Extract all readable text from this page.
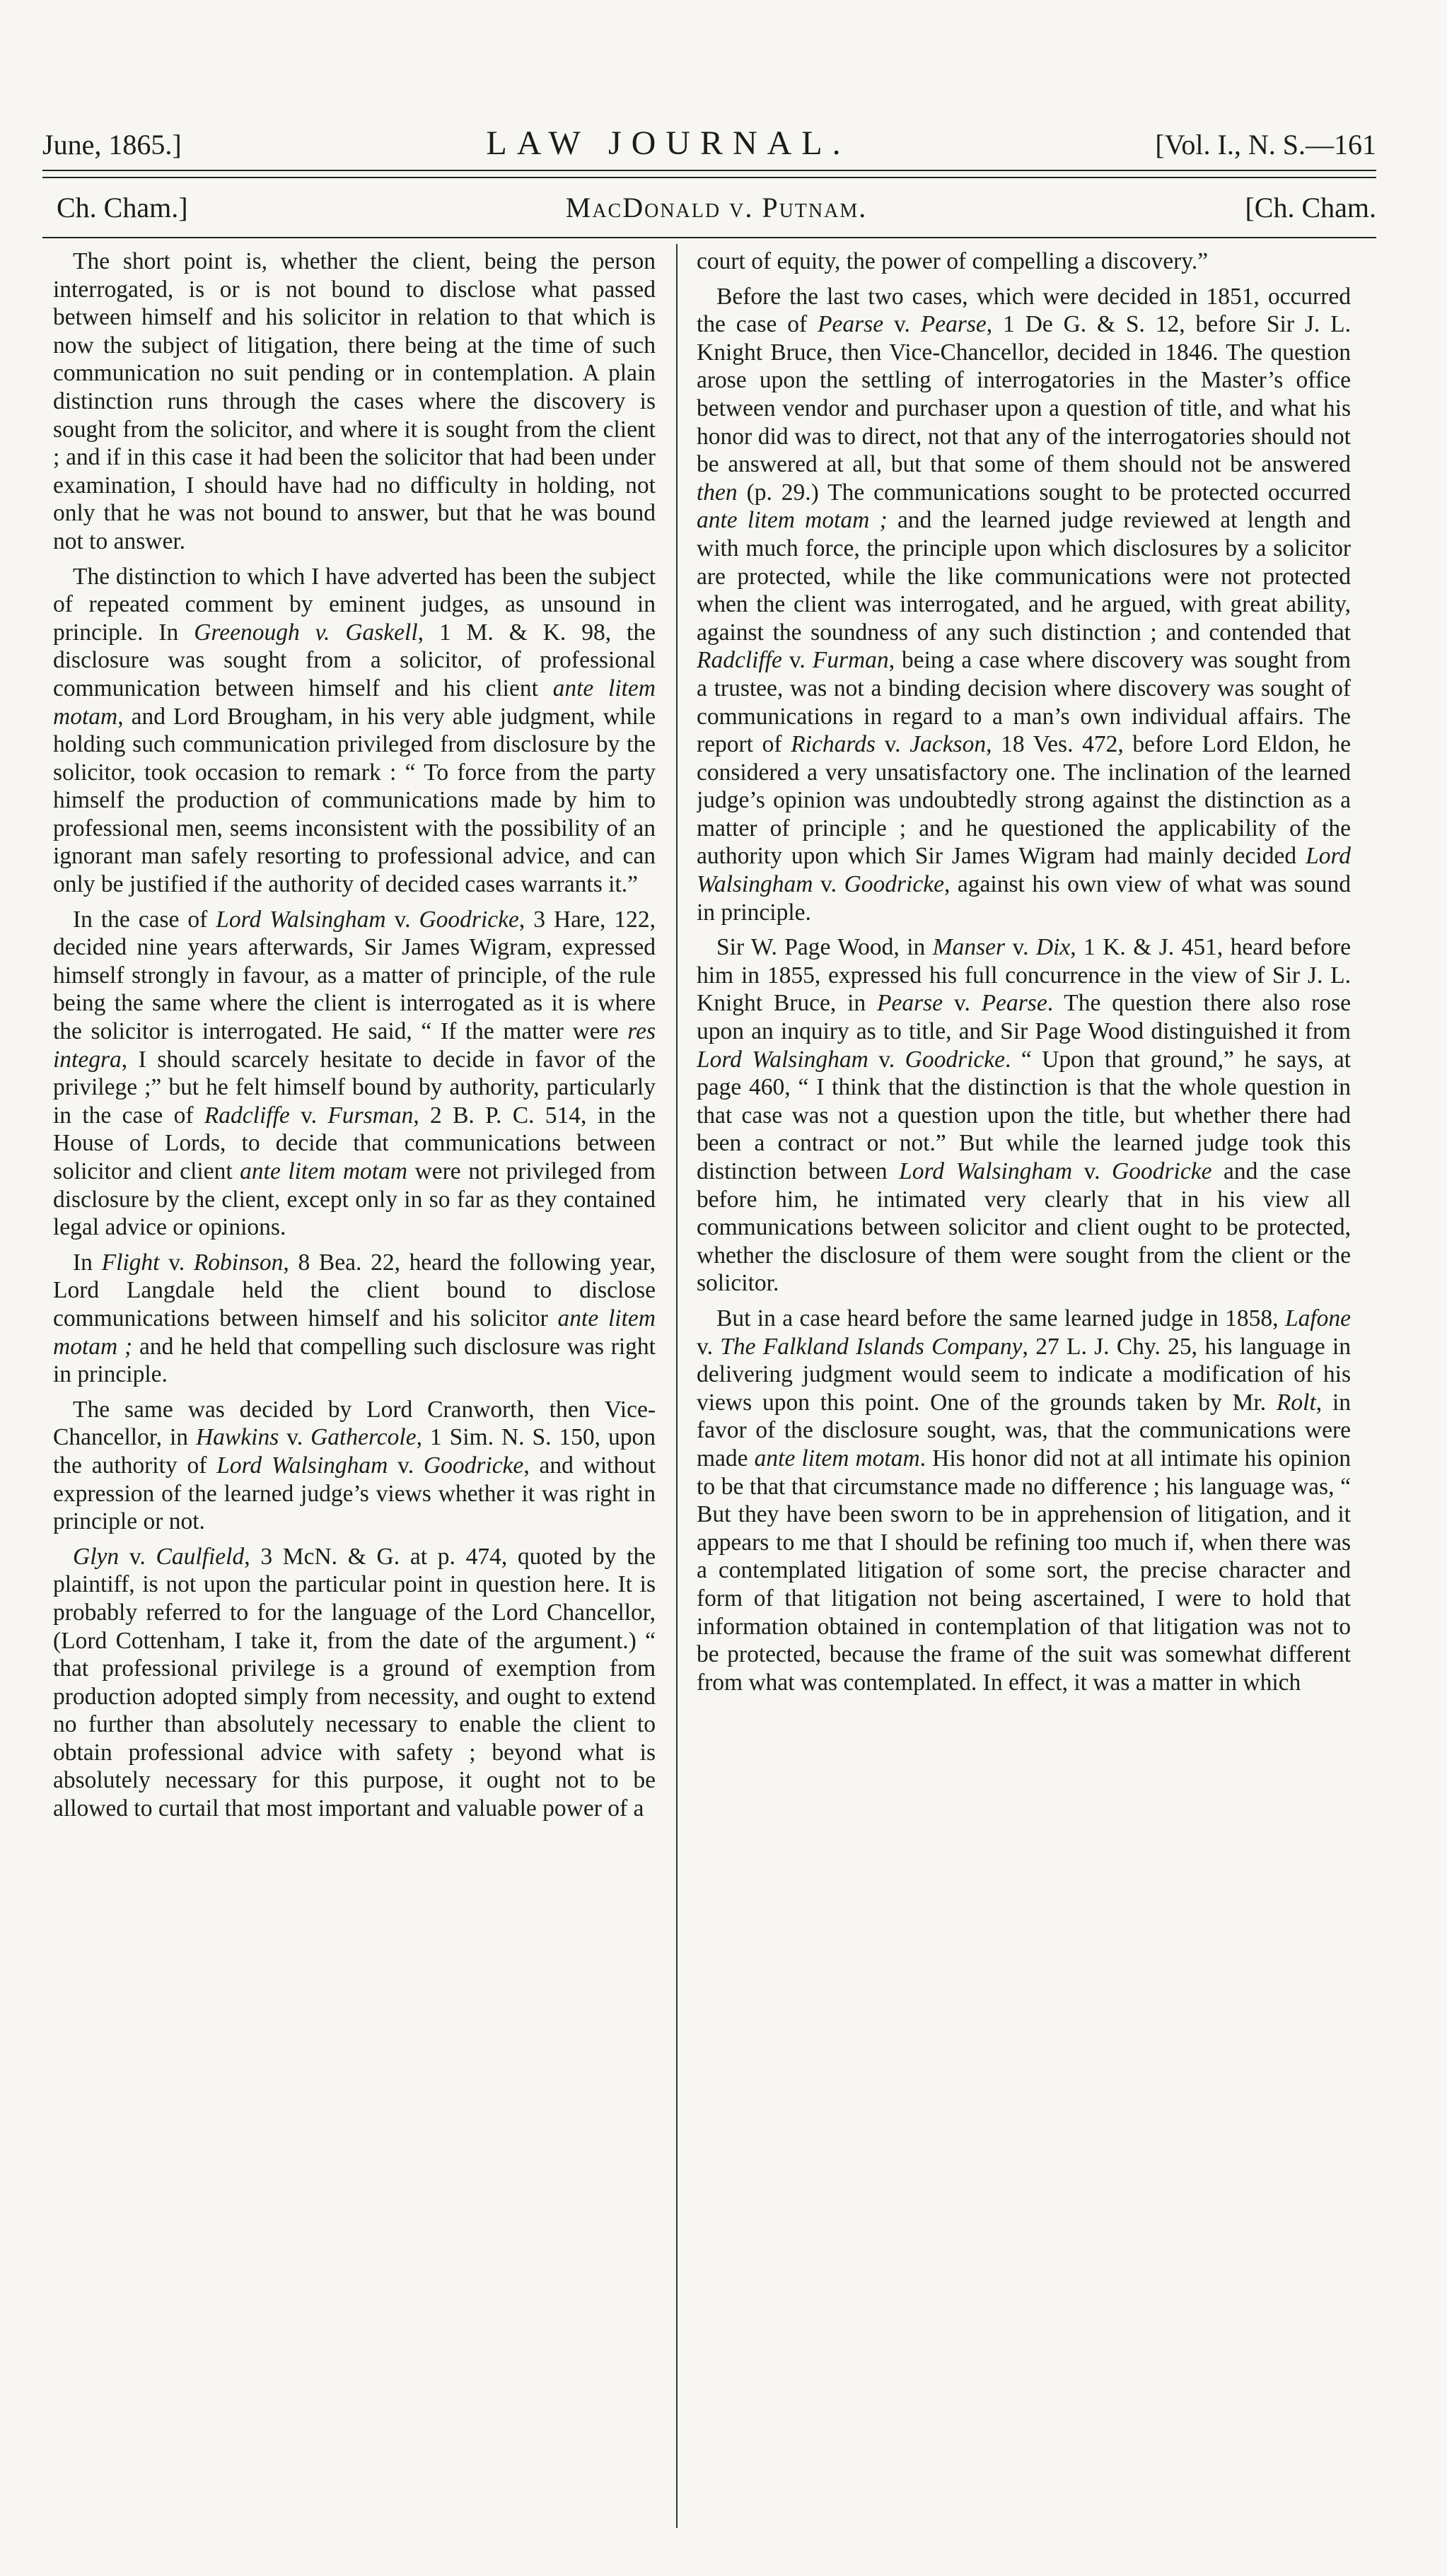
June, 1865.]	LAW JOURNAL.	[Vol. I., N. S.—161
Ch. Cham.]	MacDonald v. Putnam.	[Ch. Cham.

The short point is, whether the client, being the person interrogated, is or is not bound to disclose what passed between himself and his solicitor in relation to that which is now the subject of litigation, there being at the time of such communication no suit pending or in contemplation. A plain distinction runs through the cases where the discovery is sought from the solicitor, and where it is sought from the client ; and if in this case it had been the solicitor that had been under examination, I should have had no difficulty in holding, not only that he was not bound to answer, but that he was bound not to answer.

The distinction to which I have adverted has been the subject of repeated comment by eminent judges, as unsound in principle. In Greenough v. Gaskell, 1 M. & K. 98, the disclosure was sought from a solicitor, of professional communication between himself and his client ante litem motam, and Lord Brougham, in his very able judgment, while holding such communication privileged from disclosure by the solicitor, took occasion to remark : “ To force from the party himself the production of communications made by him to professional men, seems inconsistent with the possibility of an ignorant man safely resorting to professional advice, and can only be justified if the authority of decided cases warrants it.”

In the case of Lord Walsingham v. Goodricke, 3 Hare, 122, decided nine years afterwards, Sir James Wigram, expressed himself strongly in favour, as a matter of principle, of the rule being the same where the client is interrogated as it is where the solicitor is interrogated. He said, “ If the matter were res integra, I should scarcely hesitate to decide in favor of the privilege ;” but he felt himself bound by authority, particularly in the case of Radcliffe v. Fursman, 2 B. P. C. 514, in the House of Lords, to decide that communications between solicitor and client ante litem motam were not privileged from disclosure by the client, except only in so far as they contained legal advice or opinions.

In Flight v. Robinson, 8 Bea. 22, heard the following year, Lord Langdale held the client bound to disclose communications between himself and his solicitor ante litem motam ; and he held that compelling such disclosure was right in principle.

The same was decided by Lord Cranworth, then Vice-Chancellor, in Hawkins v. Gathercole, 1 Sim. N. S. 150, upon the authority of Lord Walsingham v. Goodricke, and without expression of the learned judge’s views whether it was right in principle or not.

Glyn v. Caulfield, 3 McN. & G. at p. 474, quoted by the plaintiff, is not upon the particular point in question here. It is probably referred to for the language of the Lord Chancellor, (Lord Cottenham, I take it, from the date of the argument.) “ that professional privilege is a ground of exemption from production adopted simply from necessity, and ought to extend no further than absolutely necessary to enable the client to obtain professional advice with safety ; beyond what is absolutely necessary for this purpose, it ought not to be allowed to curtail that most important and valuable power of a

court of equity, the power of compelling a discovery.”

Before the last two cases, which were decided in 1851, occurred the case of Pearse v. Pearse, 1 De G. & S. 12, before Sir J. L. Knight Bruce, then Vice-Chancellor, decided in 1846. The question arose upon the settling of interrogatories in the Master’s office between vendor and purchaser upon a question of title, and what his honor did was to direct, not that any of the interrogatories should not be answered at all, but that some of them should not be answered then (p. 29.) The communications sought to be protected occurred ante litem motam ; and the learned judge reviewed at length and with much force, the principle upon which disclosures by a solicitor are protected, while the like communications were not protected when the client was interrogated, and he argued, with great ability, against the soundness of any such distinction ; and contended that Radcliffe v. Furman, being a case where discovery was sought from a trustee, was not a binding decision where discovery was sought of communications in regard to a man’s own individual affairs. The report of Richards v. Jackson, 18 Ves. 472, before Lord Eldon, he considered a very unsatisfactory one. The inclination of the learned judge’s opinion was undoubtedly strong against the distinction as a matter of principle ; and he questioned the applicability of the authority upon which Sir James Wigram had mainly decided Lord Walsingham v. Goodricke, against his own view of what was sound in principle.

Sir W. Page Wood, in Manser v. Dix, 1 K. & J. 451, heard before him in 1855, expressed his full concurrence in the view of Sir J. L. Knight Bruce, in Pearse v. Pearse. The question there also rose upon an inquiry as to title, and Sir Page Wood distinguished it from Lord Walsingham v. Goodricke. “ Upon that ground,” he says, at page 460, “ I think that the distinction is that the whole question in that case was not a question upon the title, but whether there had been a contract or not.” But while the learned judge took this distinction between Lord Walsingham v. Goodricke and the case before him, he intimated very clearly that in his view all communications between solicitor and client ought to be protected, whether the disclosure of them were sought from the client or the solicitor.

But in a case heard before the same learned judge in 1858, Lafone v. The Falkland Islands Company, 27 L. J. Chy. 25, his language in delivering judgment would seem to indicate a modification of his views upon this point. One of the grounds taken by Mr. Rolt, in favor of the disclosure sought, was, that the communications were made ante litem motam. His honor did not at all intimate his opinion to be that that circumstance made no difference ; his language was, “ But they have been sworn to be in apprehension of litigation, and it appears to me that I should be refining too much if, when there was a contemplated litigation of some sort, the precise character and form of that litigation not being ascertained, I were to hold that information obtained in contemplation of that litigation was not to be protected, because the frame of the suit was somewhat different from what was contemplated. In effect, it was a matter in which
